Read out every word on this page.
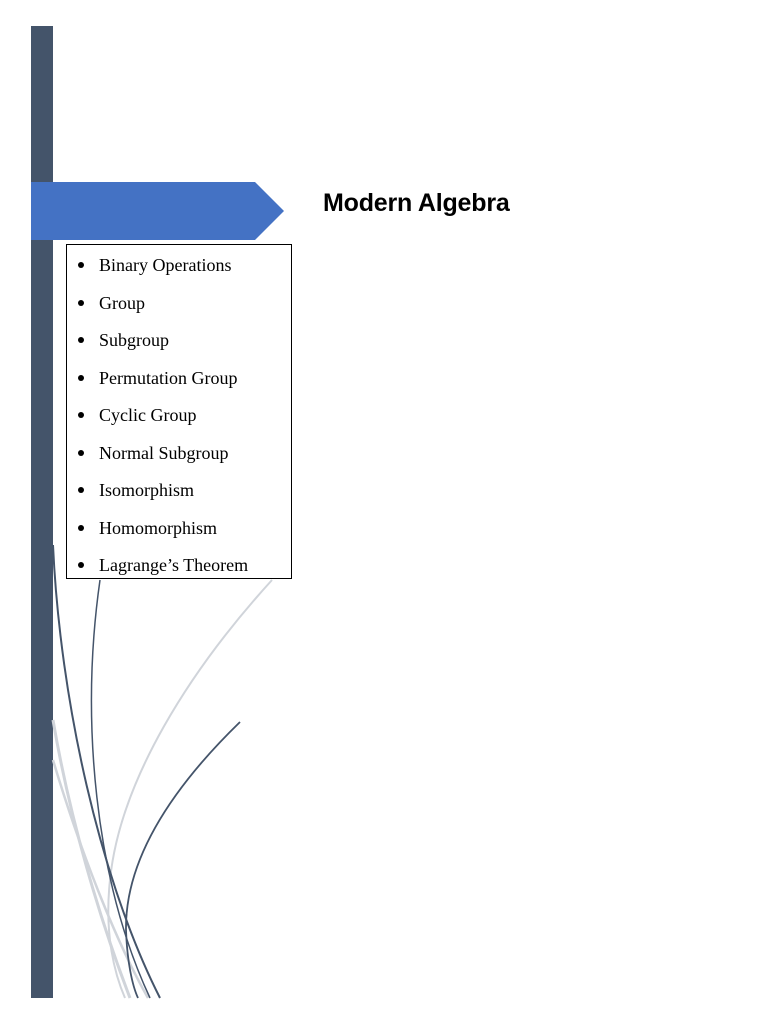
Modern Algebra
Binary Operations
Group
Subgroup
Permutation Group
Cyclic Group
Normal Subgroup
Isomorphism
Homomorphism
Lagrange’s Theorem
